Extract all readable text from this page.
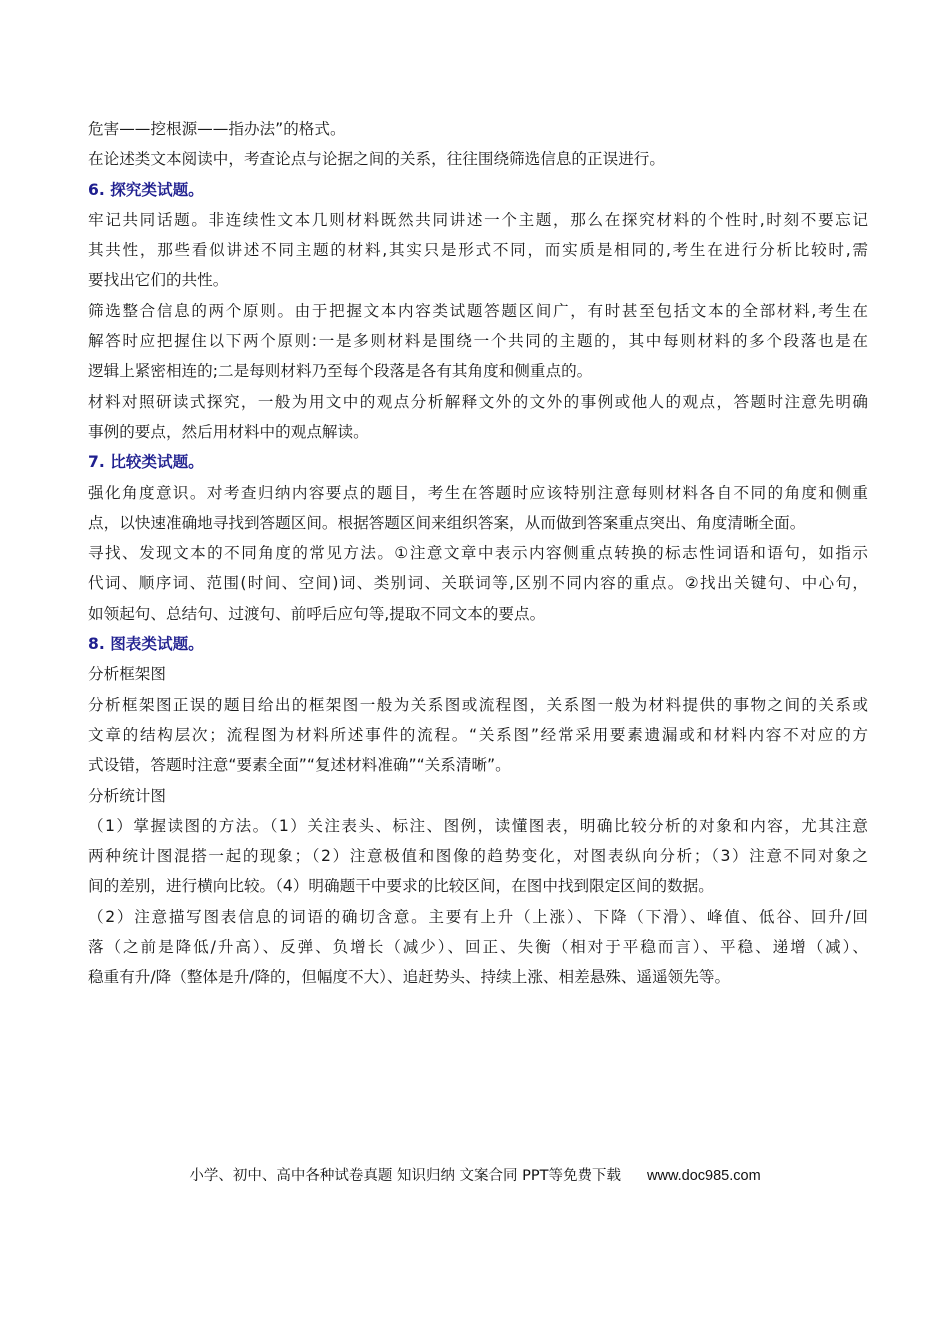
危害——挖根源——指办法”的格式。
在论述类文本阅读中，考查论点与论据之间的关系，往往围绕筛选信息的正误进行。
6. 探究类试题。
牢记共同话题。非连续性文本几则材料既然共同讲述一个主题，那么在探究材料的个性时,时刻不要忘记
其共性，那些看似讲述不同主题的材料,其实只是形式不同，而实质是相同的,考生在进行分析比较时,需
要找出它们的共性。
筛选整合信息的两个原则。由于把握文本内容类试题答题区间广，有时甚至包括文本的全部材料,考生在
解答时应把握住以下两个原则:一是多则材料是围绕一个共同的主题的，其中每则材料的多个段落也是在
逻辑上紧密相连的;二是每则材料乃至每个段落是各有其角度和侧重点的。
材料对照研读式探究，一般为用文中的观点分析解释文外的文外的事例或他人的观点，答题时注意先明确
事例的要点，然后用材料中的观点解读。
7. 比较类试题。
强化角度意识。对考查归纳内容要点的题目，考生在答题时应该特别注意每则材料各自不同的角度和侧重
点，以快速准确地寻找到答题区间。根据答题区间来组织答案，从而做到答案重点突出、角度清晰全面。
寻找、发现文本的不同角度的常见方法。①注意文章中表示内容侧重点转换的标志性词语和语句，如指示
代词、顺序词、范围(时间、空间)词、类别词、关联词等,区别不同内容的重点。②找出关键句、中心句，
如领起句、总结句、过渡句、前呼后应句等,提取不同文本的要点。
8. 图表类试题。
分析框架图
分析框架图正误的题目给出的框架图一般为关系图或流程图，关系图一般为材料提供的事物之间的关系或
文章的结构层次；流程图为材料所述事件的流程。“关系图”经常采用要素遗漏或和材料内容不对应的方
式设错，答题时注意“要素全面”“复述材料准确”“关系清晰”。
分析统计图
（1）掌握读图的方法。（1）关注表头、标注、图例，读懂图表，明确比较分析的对象和内容，尤其注意
两种统计图混搭一起的现象；（2）注意极值和图像的趋势变化，对图表纵向分析；（3）注意不同对象之
间的差别，进行横向比较。（4）明确题干中要求的比较区间，在图中找到限定区间的数据。
（2）注意描写图表信息的词语的确切含意。主要有上升（上涨）、下降（下滑）、峰值、低谷、回升/回
落（之前是降低/升高）、反弹、负增长（减少）、回正、失衡（相对于平稳而言）、平稳、递增（减）、
稳重有升/降（整体是升/降的，但幅度不大）、追赶势头、持续上涨、相差悬殊、遥遥领先等。
小学、初中、高中各种试卷真题 知识归纳 文案合同 PPT等免费下载 www.doc985.com
